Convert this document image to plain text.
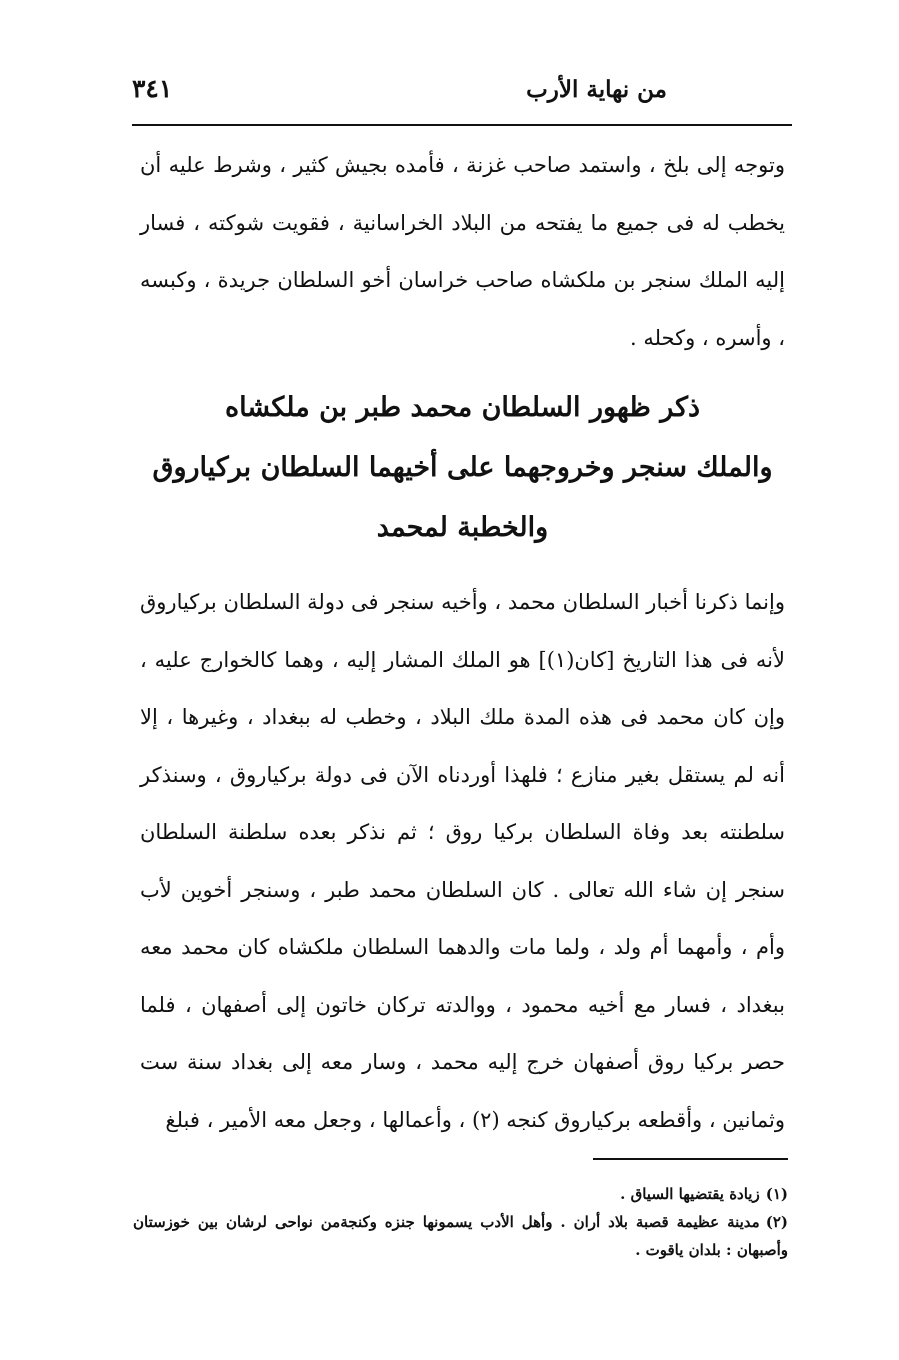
من نهاية الأرب
٣٤١

وتوجه إلى بلخ ، واستمد صاحب غزنة ، فأمده بجيش كثير ، وشرط عليه أن يخطب له فى جميع ما يفتحه من البلاد الخراسانية ، فقويت شوكته ، فسار إليه الملك سنجر بن ملكشاه صاحب خراسان أخو السلطان جريدة ، وكبسه ، وأسره ، وكحله .

ذكر ظهور السلطان محمد طبر بن ملكشاه
والملك سنجر وخروجهما على أخيهما السلطان بركياروق
والخطبة لمحمد

وإنما ذكرنا أخبار السلطان محمد ، وأخيه سنجر فى دولة السلطان بركياروق لأنه فى هذا التاريخ [كان(١)] هو الملك المشار إليه ، وهما كالخوارج عليه ، وإن كان محمد فى هذه المدة ملك البلاد ، وخطب له ببغداد ، وغيرها ، إلا أنه لم يستقل بغير منازع ؛ فلهذا أوردناه الآن فى دولة بركياروق ، وسنذكر سلطنته بعد وفاة السلطان بركيا روق ؛ ثم نذكر بعده سلطنة السلطان سنجر إن شاء الله تعالى . كان السلطان محمد طبر ، وسنجر أخوين لأب وأم ، وأمهما أم ولد ، ولما مات والدهما السلطان ملكشاه كان محمد معه ببغداد ، فسار مع أخيه محمود ، ووالدته تركان خاتون إلى أصفهان ، فلما حصر بركيا روق أصفهان خرج إليه محمد ، وسار معه إلى بغداد سنة ست وثمانين ، وأقطعه بركياروق كنجه (٢) ، وأعمالها ، وجعل معه الأمير ، فبلغ

(١)زيادة يقتضيها السياق .

(٢)مدينة عظيمة قصبة بلاد أران . وأهل الأدب يسمونها جنزه وكنجةمن نواحى لرشان بين خوزستان وأصبهان : بلدان ياقوت .
